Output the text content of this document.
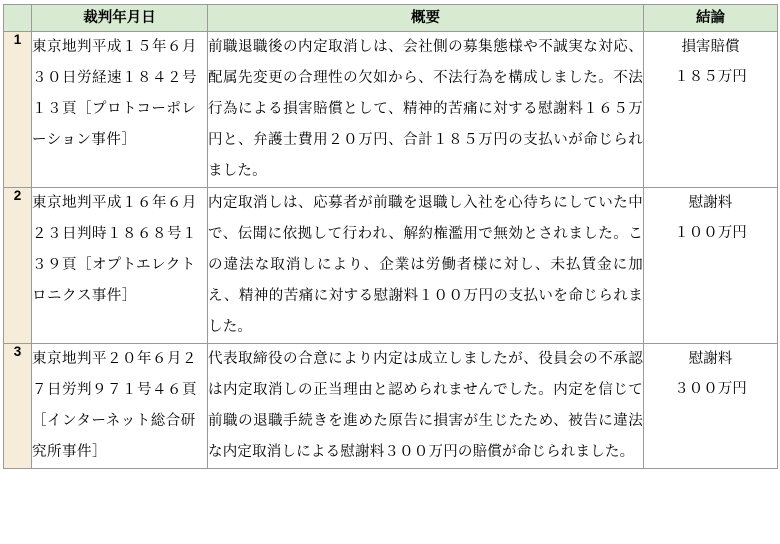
	裁判年月日	概要	結論
1	東京地判平成１５年６月３０日労経速１８４２号１３頁［プロトコーポレーション事件］	前職退職後の内定取消しは、会社側の募集態様や不誠実な対応、配属先変更の合理性の欠如から、不法行為を構成しました。不法行為による損害賠償として、精神的苦痛に対する慰謝料１６５万円と、弁護士費用２０万円、合計１８５万円の支払いが命じられました。	損害賠償
１８５万円

2	東京地判平成１６年６月２３日判時１８６８号１３９頁［オプトエレクトロニクス事件］	内定取消しは、応募者が前職を退職し入社を心待ちにしていた中で、伝聞に依拠して行われ、解約権濫用で無効とされました。この違法な取消しにより、企業は労働者様に対し、未払賃金に加え、精神的苦痛に対する慰謝料１００万円の支払いを命じられました。	慰謝料
１００万円

3	東京地判平２０年６月２７日労判９７１号４６頁［インターネット総合研究所事件］	代表取締役の合意により内定は成立しましたが、役員会の不承認は内定取消しの正当理由と認められませんでした。内定を信じて前職の退職手続きを進めた原告に損害が生じたため、被告に違法な内定取消しによる慰謝料３００万円の賠償が命じられました。	慰謝料
３００万円
